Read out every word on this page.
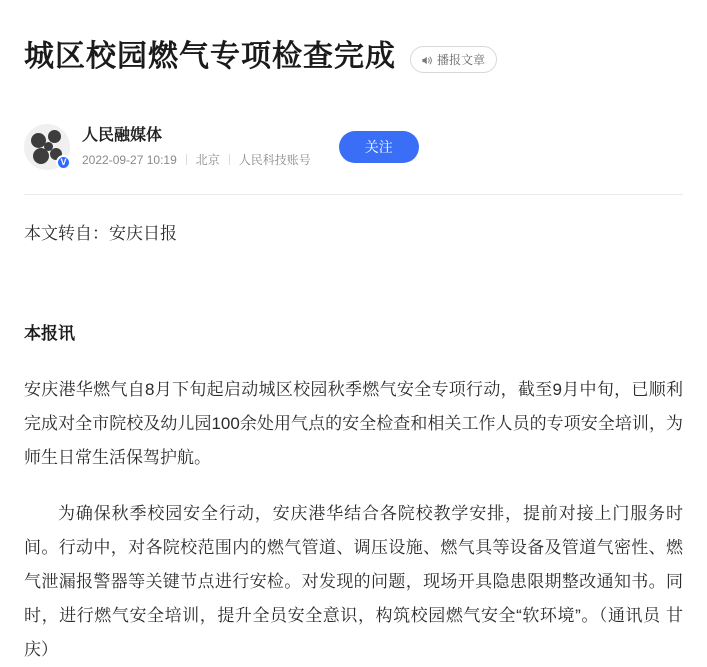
城区校园燃气专项检查完成	播报文章
V
人民融媒体
2022-09-27 10:19 北京 人民科技账号
关注

本文转自：安庆日报

本报讯

安庆港华燃气自8月下旬起启动城区校园秋季燃气安全专项行动，截至9月中旬，已顺利完成对全市院校及幼儿园100余处用气点的安全检查和相关工作人员的专项安全培训，为师生日常生活保驾护航。

为确保秋季校园安全行动，安庆港华结合各院校教学安排，提前对接上门服务时间。行动中，对各院校范围内的燃气管道、调压设施、燃气具等设备及管道气密性、燃气泄漏报警器等关键节点进行安检。对发现的问题，现场开具隐患限期整改通知书。同时，进行燃气安全培训，提升全员安全意识，构筑校园燃气安全“软环境”。（通讯员 甘庆）
